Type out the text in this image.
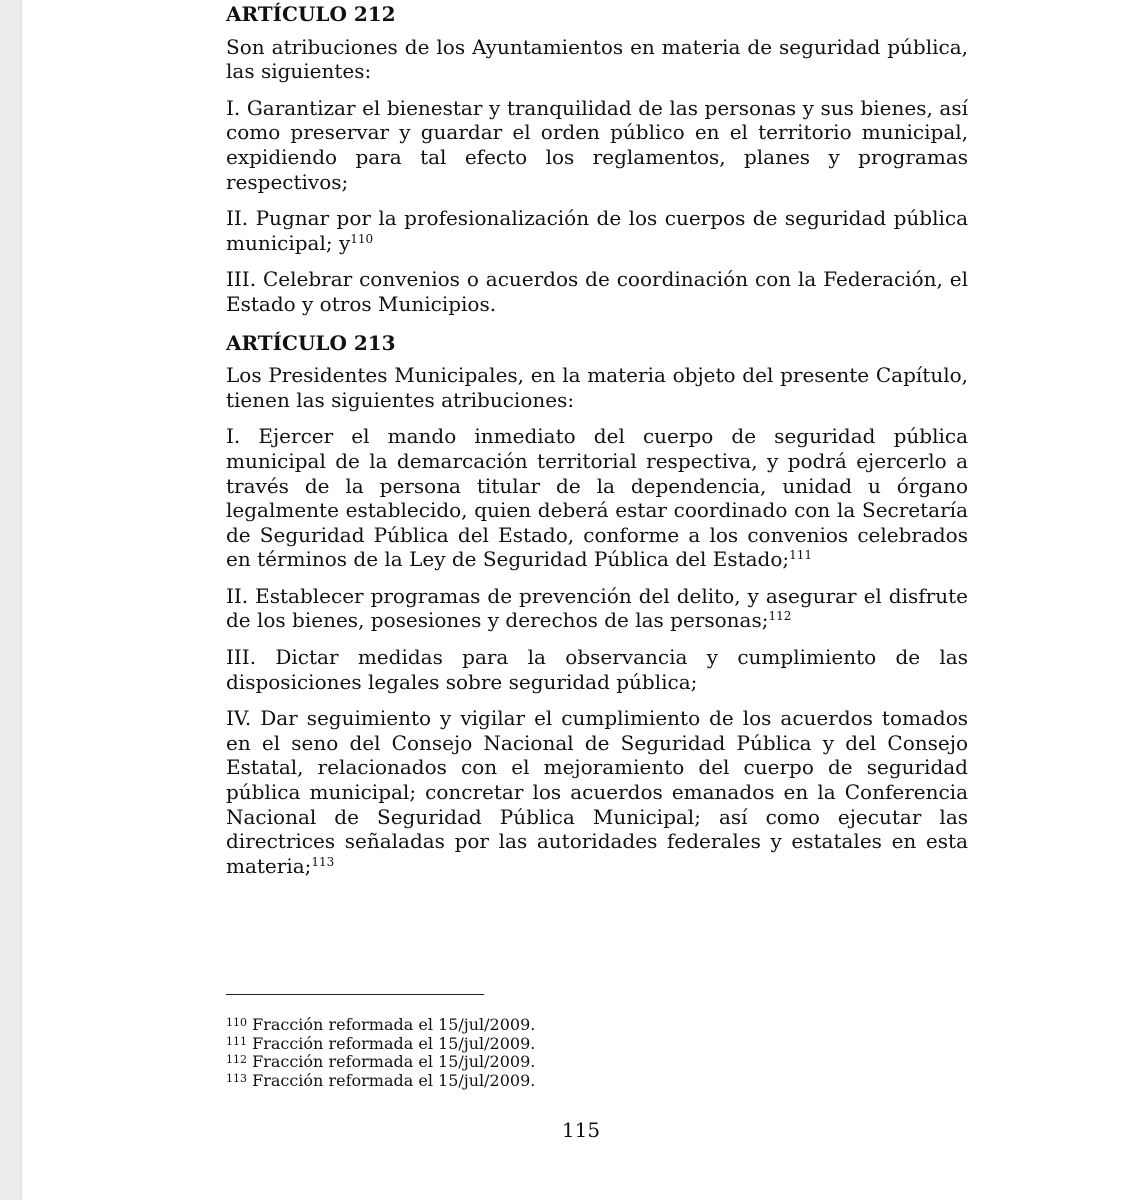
ARTÍCULO 212

Son atribuciones de los Ayuntamientos en materia de seguridad pública, las siguientes:

I. Garantizar el bienestar y tranquilidad de las personas y sus bienes, así como preservar y guardar el orden público en el territorio municipal, expidiendo para tal efecto los reglamentos, planes y programas respectivos;

II. Pugnar por la profesionalización de los cuerpos de seguridad pública municipal; $y^{110}$

III. Celebrar convenios o acuerdos de coordinación con la Federación, el Estado y otros Municipios.

ARTÍCULO 213

Los Presidentes Municipales, en la materia objeto del presente Capítulo, tienen las siguientes atribuciones:

I. Ejercer el mando inmediato del cuerpo de seguridad pública municipal de la demarcación territorial respectiva, y podrá ejercerlo a través de la persona titular de la dependencia, unidad u órgano legalmente establecido, quien deberá estar coordinado con la Secretaría de Seguridad Pública del Estado, conforme a los convenios celebrados en términos de la Ley de Seguridad Pública del Estado;$^{111}$

II. Establecer programas de prevención del delito, y asegurar el disfrute de los bienes, posesiones y derechos de las personas;$^{112}$

III. Dictar medidas para la observancia y cumplimiento de las disposiciones legales sobre seguridad pública;

IV. Dar seguimiento y vigilar el cumplimiento de los acuerdos tomados en el seno del Consejo Nacional de Seguridad Pública y del Consejo Estatal, relacionados con el mejoramiento del cuerpo de seguridad pública municipal; concretar los acuerdos emanados en la Conferencia Nacional de Seguridad Pública Municipal; así como ejecutar las directrices señaladas por las autoridades federales y estatales en esta materia;$^{113}$

$^{110}$ Fracción reformada el 15/jul/2009.
$^{111}$ Fracción reformada el 15/jul/2009.
$^{112}$ Fracción reformada el 15/jul/2009.
$^{113}$ Fracción reformada el 15/jul/2009.
115
